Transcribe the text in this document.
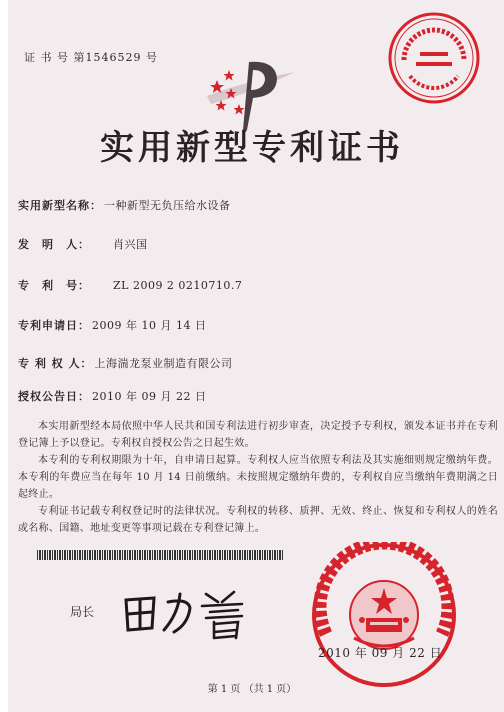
证 书 号 第1546529 号
实用新型专利证书
实用新型名称： 一种新型无负压给水设备
发　明　人： 肖兴国
专　利　号： ZL 2009 2 0210710.7
专利申请日： 2009 年 10 月 14 日
专 利 权 人： 上海湍龙泵业制造有限公司
授权公告日： 2010 年 09 月 22 日
本实用新型经本局依照中华人民共和国专利法进行初步审查，决定授予专利权，颁发本证书并在专利登记簿上予以登记。专利权自授权公告之日起生效。
本专利的专利权期限为十年，自申请日起算。专利权人应当依照专利法及其实施细则规定缴纳年费。本专利的年费应当在每年 10 月 14 日前缴纳。未按照规定缴纳年费的，专利权自应当缴纳年费期满之日起终止。
专利证书记载专利权登记时的法律状况。专利权的转移、质押、无效、终止、恢复和专利权人的姓名或名称、国籍、地址变更等事项记载在专利登记簿上。
局长
2010 年 09 月 22 日
第 1 页 （共 1 页）
